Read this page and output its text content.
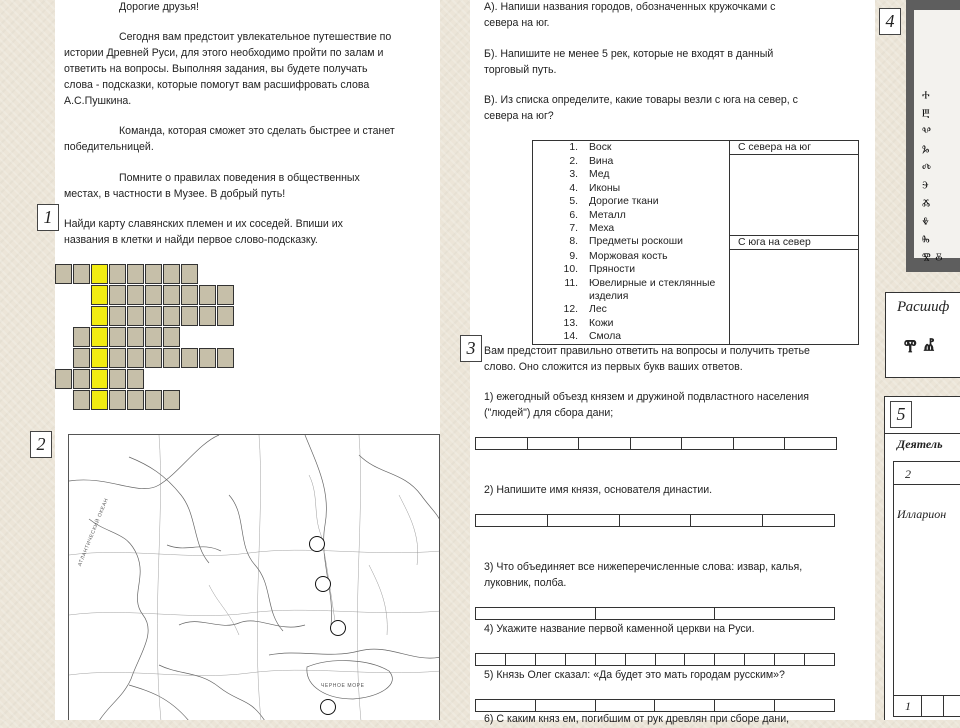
Дорогие друзья!

Сегодня вам предстоит увлекательное путешествие по

истории Древней Руси, для этого необходимо пройти по залам и

ответить на вопросы. Выполняя задания, вы будете получать

слова - подсказки, которые помогут вам расшифровать слова

А.С.Пушкина.

Команда, которая сможет это сделать быстрее и станет

победительницей.

Помните о правилах поведения в общественных

местах, в частности в Музее. В добрый путь!

Найди карту славянских племен и их соседей. Впиши их

названия в клетки и найди первое слово-подсказку.

АТЛАНТИЧЕСКИЙ ОКЕАН
ЧЕРНОЕ МОРЕ
1
2

А). Напиши названия городов, обозначенных кружочками с

севера на юг.

Б). Напишите не менее 5 рек, которые не входят в данный

торговый путь.

В). Из списка определите, какие товары везли с юга на север, с

севера на юг?

1.	Воск	С севера на юг
2.	Вина	
3.	Мед	
4.	Иконы	
5.	Дорогие ткани	
6.	Металл	
7.	Меха	
8.	Предметы роскоши	С юга на север
9.	Моржовая кость	
10.	Пряности	
11.	Ювелирные и стеклянные изделия	
12.	Лес	
13.	Кожи	
14.	Смола	

Вам предстоит правильно ответить на вопросы и получить третье

слово. Оно сложится из первых букв ваших ответов.

1) ежегодный объезд князем и дружиной подвластного населения

("людей") для сбора дани;

2) Напишите имя князя, основателя династии.

3) Что объединяет все нижеперечисленные слова: извар, калья,

луковник, полба.

4) Укажите название первой каменной церкви на Руси.

5) Князь Олег сказал: «Да будет это мать городам русским»?

6) С каким княз ем, погибшим от рук древлян при сборе дани,

3
ⰰ
ⰱ
ⰲ
ⰳ
ⰴ
ⰵ
ⰶ
ⰷ
ⰸ
ⰺ ⰻ
4
Расшиф
ⰹ ⰼ
Деятель
2
Илларион
1
5
